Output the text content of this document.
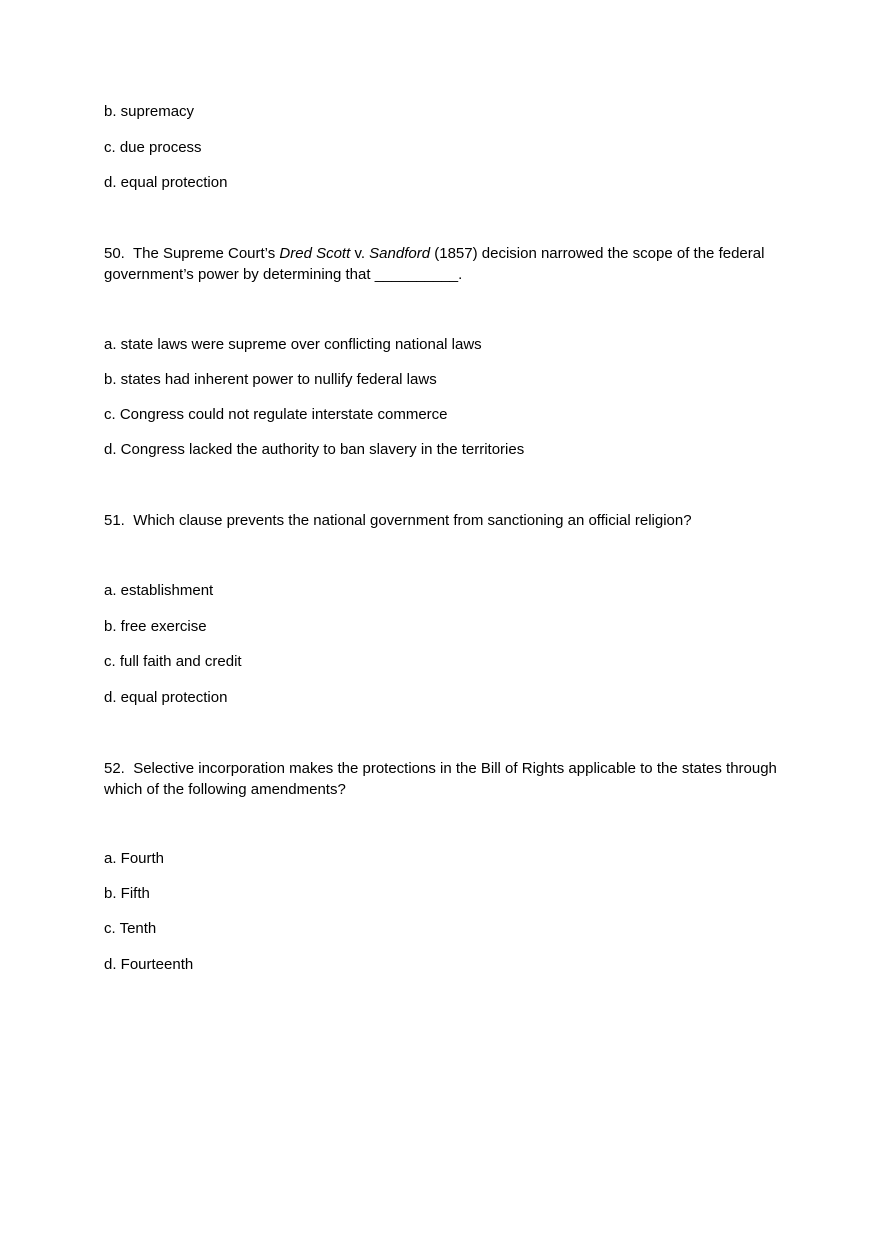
b. supremacy
c. due process
d. equal protection
50. The Supreme Court’s Dred Scott v. Sandford (1857) decision narrowed the scope of the federal government’s power by determining that __________.
a. state laws were supreme over conflicting national laws
b. states had inherent power to nullify federal laws
c. Congress could not regulate interstate commerce
d. Congress lacked the authority to ban slavery in the territories
51. Which clause prevents the national government from sanctioning an official religion?
a. establishment
b. free exercise
c. full faith and credit
d. equal protection
52. Selective incorporation makes the protections in the Bill of Rights applicable to the states through which of the following amendments?
a. Fourth
b. Fifth
c. Tenth
d. Fourteenth
